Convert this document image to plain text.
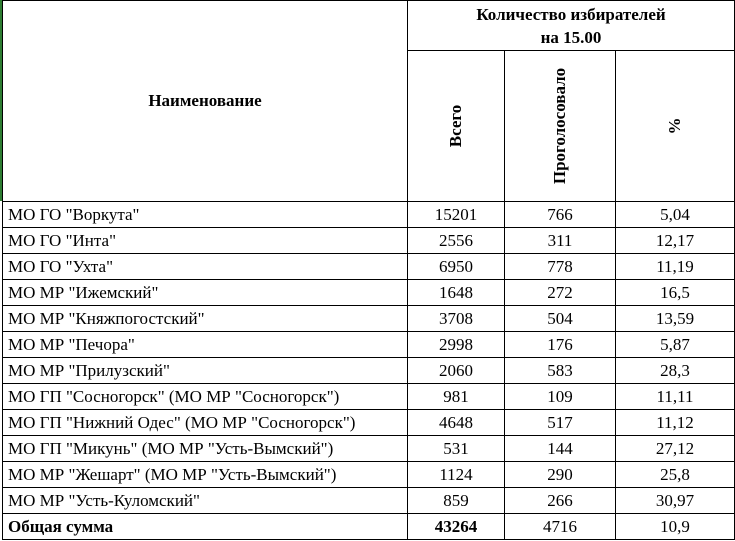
Наименование	Количество избирателей
на 15.00		

	Всего	Проголосовало	%

МО ГО "Воркута"	15201	766	5,04
МО ГО "Инта"	2556	311	12,17
МО ГО "Ухта"	6950	778	11,19
МО МР "Ижемский"	1648	272	16,5
МО МР "Княжпогостский"	3708	504	13,59
МО МР "Печора"	2998	176	5,87
МО МР "Прилузский"	2060	583	28,3
МО ГП "Сосногорск" (МО МР "Сосногорск")	981	109	11,11
МО ГП "Нижний Одес" (МО МР "Сосногорск")	4648	517	11,12
МО ГП "Микунь" (МО МР "Усть-Вымский")	531	144	27,12
МО МР "Жешарт" (МО МР "Усть-Вымский")	1124	290	25,8
МО МР "Усть-Куломский"	859	266	30,97
Общая сумма	43264	4716	10,9
